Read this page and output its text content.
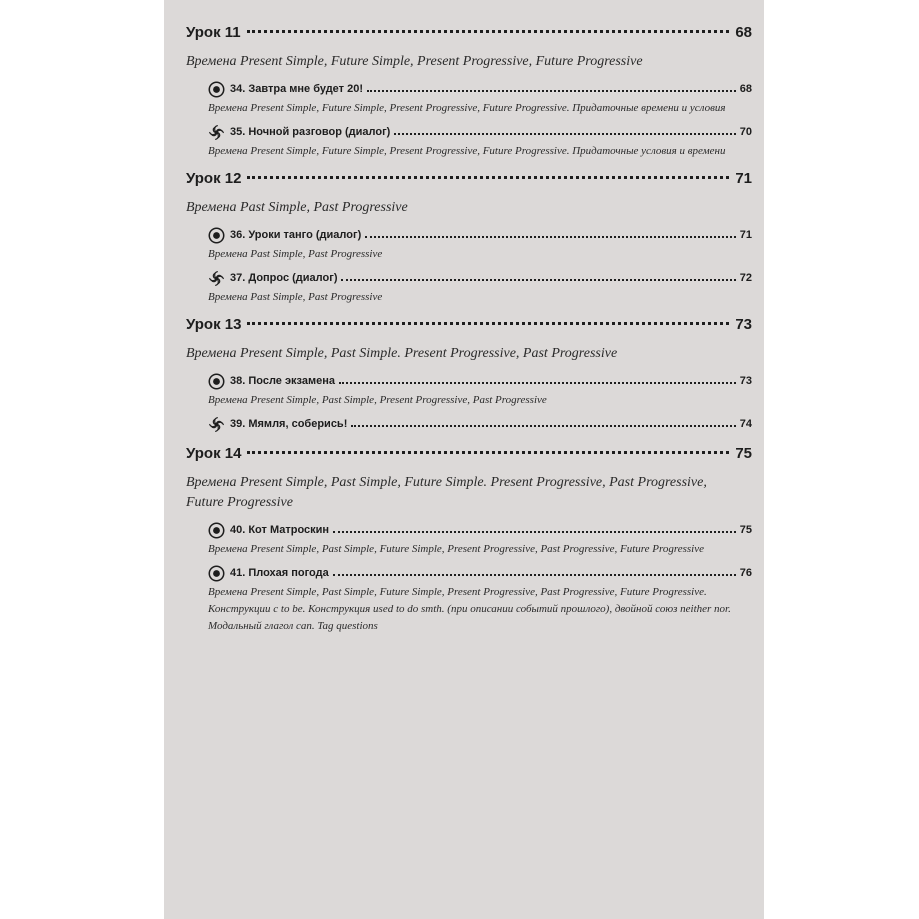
Урок 11	68
Времена Present Simple, Future Simple, Present Progressive, Future Progressive
34. Завтра мне будет 20!	68
Времена Present Simple, Future Simple, Present Progressive, Future Progressive. Придаточные времени и условия
35. Ночной разговор (диалог)	70
Времена Present Simple, Future Simple, Present Progressive, Future Progressive. Придаточные условия и времени
Урок 12	71
Времена Past Simple, Past Progressive
36. Уроки танго (диалог)	71
Времена Past Simple, Past Progressive
37. Допрос (диалог)	72
Времена Past Simple, Past Progressive
Урок 13	73
Времена Present Simple, Past Simple. Present Progressive, Past Progressive
38. После экзамена	73
Времена Present Simple, Past Simple, Present Progressive, Past Progressive
39. Мямля, соберись!	74
Урок 14	75
Времена Present Simple, Past Simple, Future Simple. Present Progressive, Past Progressive, Future Progressive
40. Кот Матроскин	75
Времена Present Simple, Past Simple, Future Simple, Present Progressive, Past Progressive, Future Progressive
41. Плохая погода	76
Времена Present Simple, Past Simple, Future Simple, Present Progressive, Past Progressive, Future Progressive. Конструкции с to be. Конструкция used to do smth. (при описании событий прошлого), двойной союз neither nor. Модальный глагол can. Tag questions
